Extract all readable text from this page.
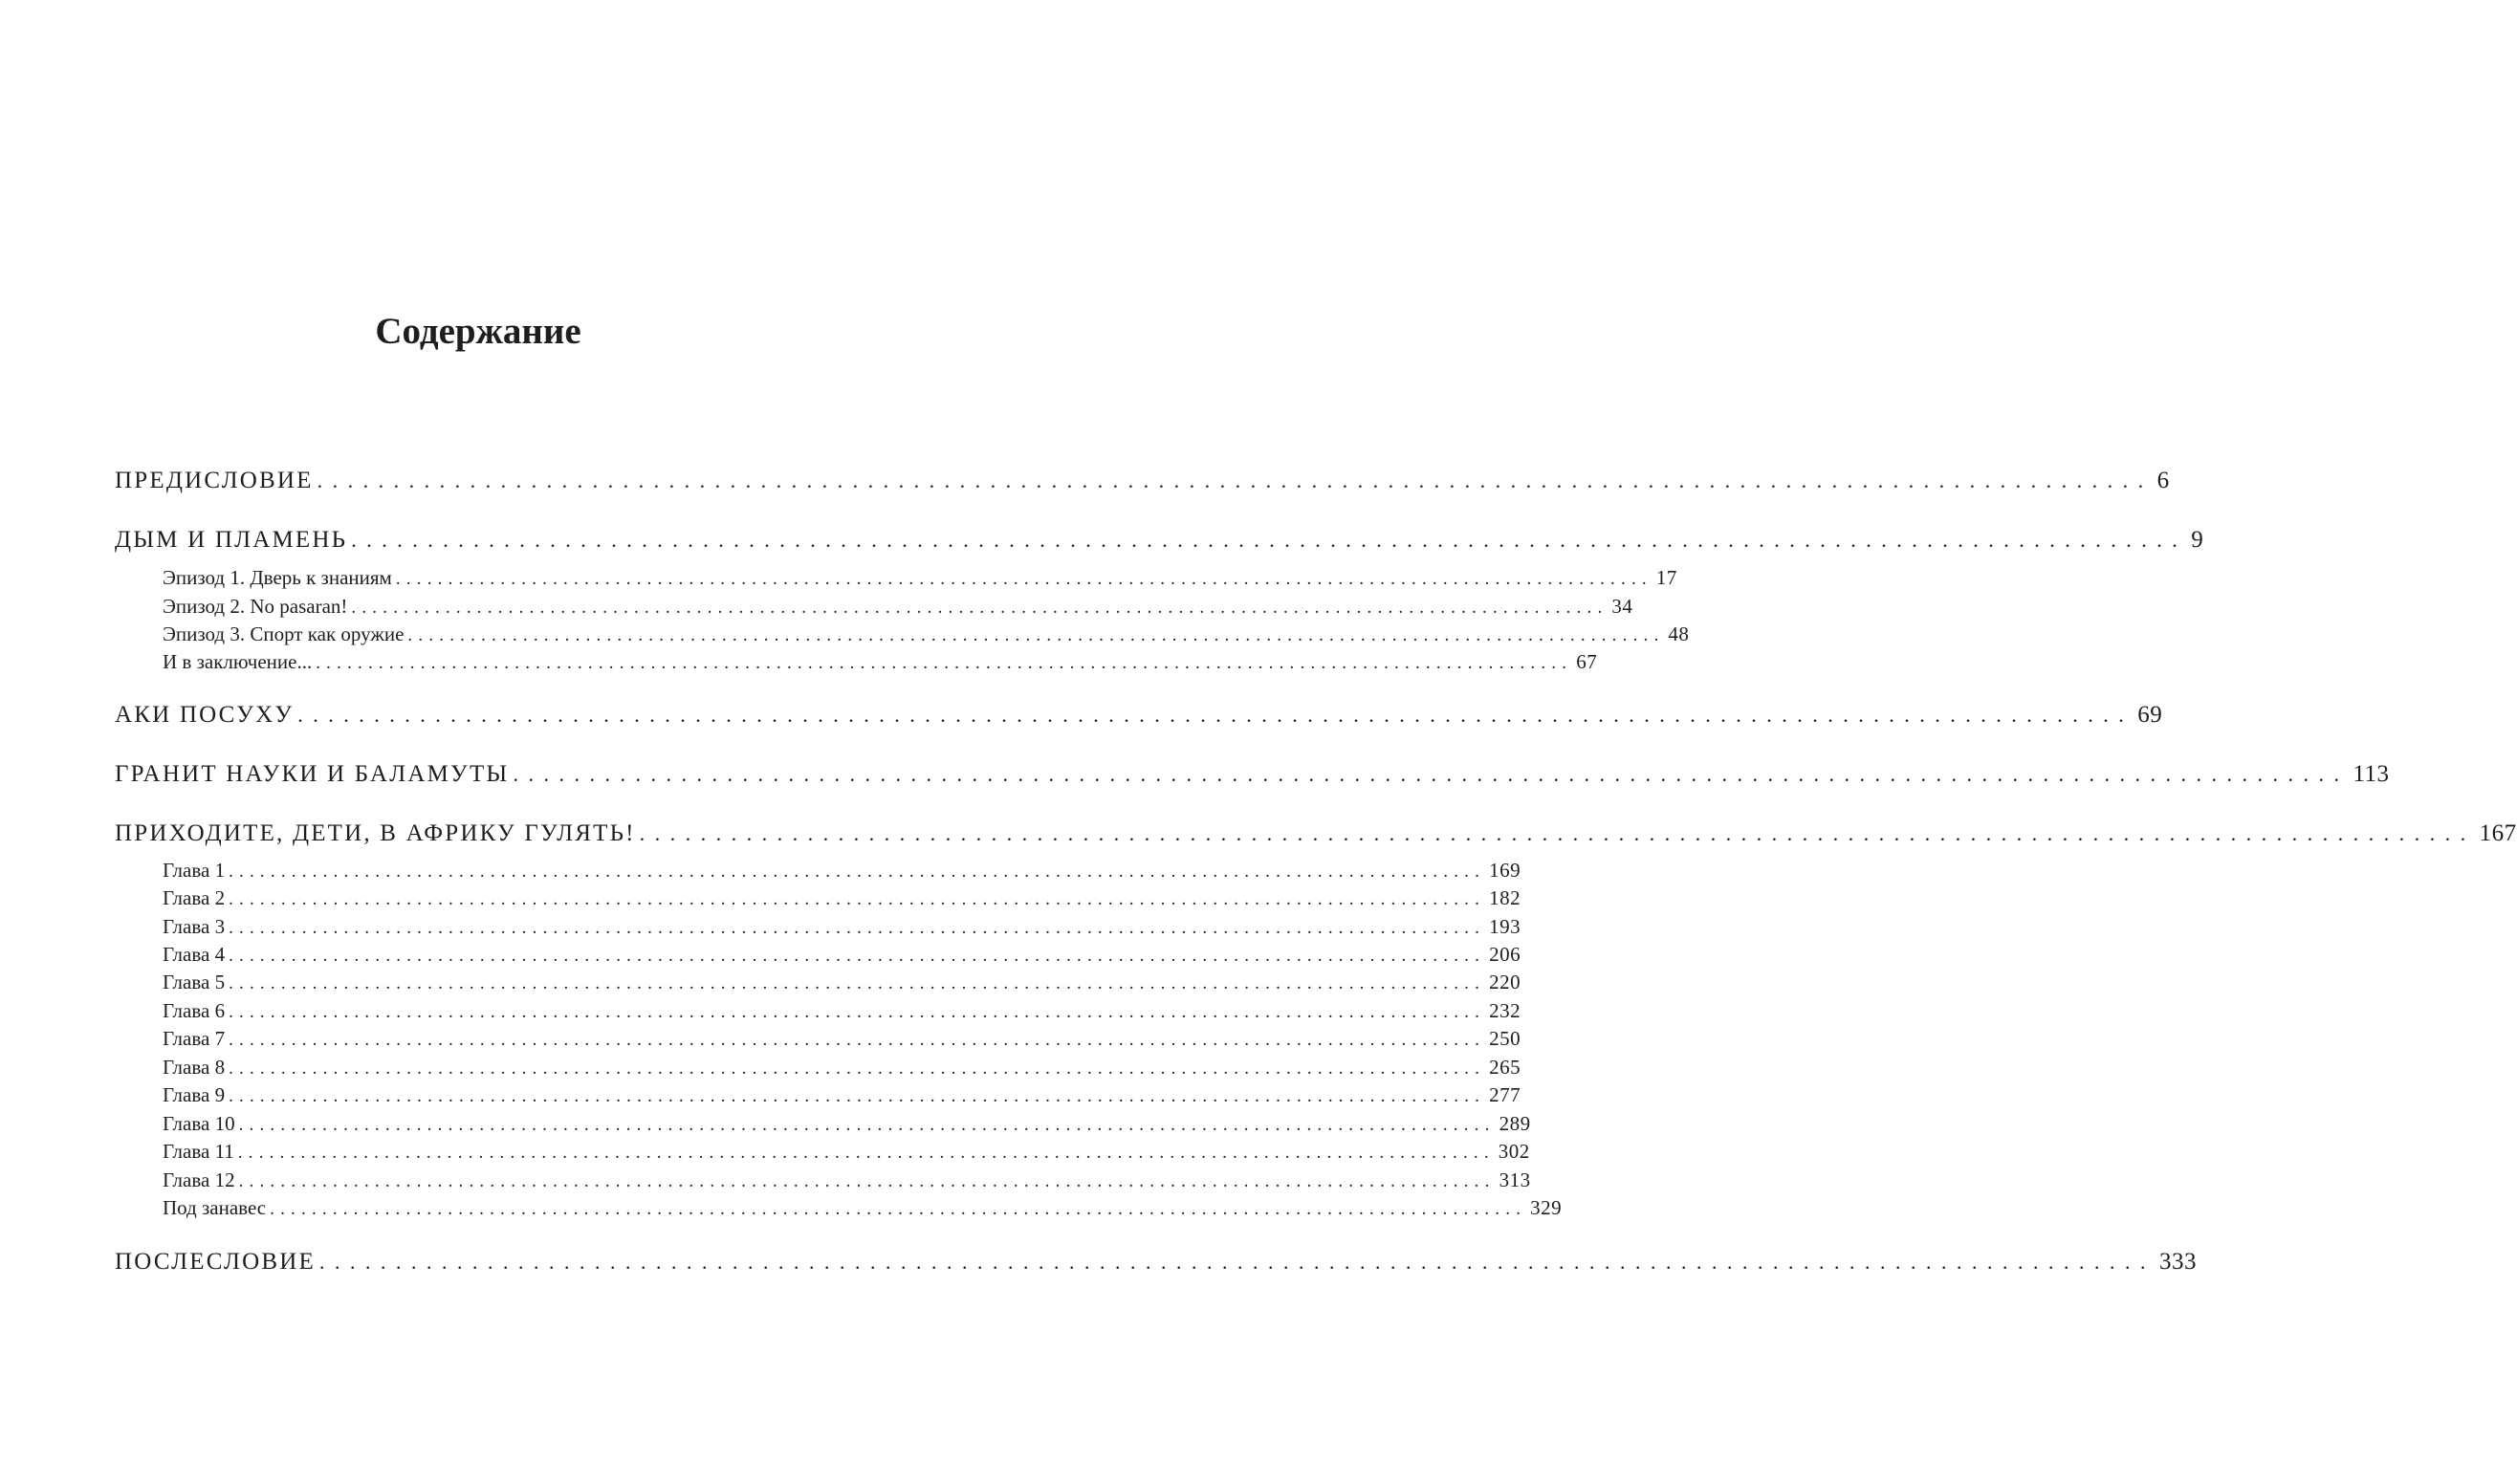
Содержание
ПРЕДИСЛОВИЕ ........................................................................................................................ 6
ДЫМ И ПЛАМЕНЬ ........................................................................................................................ 9
Эпизод 1. Дверь к знаниям ........................................................................................................................ 17
Эпизод 2. No pasaran! ........................................................................................................................ 34
Эпизод 3. Спорт как оружие ........................................................................................................................ 48
И в заключение... ........................................................................................................................ 67
АКИ ПОСУХУ ........................................................................................................................ 69
ГРАНИТ НАУКИ И БАЛАМУТЫ ........................................................................................................................ 113
ПРИХОДИТЕ, ДЕТИ, В АФРИКУ ГУЛЯТЬ! ........................................................................................................................ 167
Глава 1 ........................................................................................................................ 169
Глава 2 ........................................................................................................................ 182
Глава 3 ........................................................................................................................ 193
Глава 4 ........................................................................................................................ 206
Глава 5 ........................................................................................................................ 220
Глава 6 ........................................................................................................................ 232
Глава 7 ........................................................................................................................ 250
Глава 8 ........................................................................................................................ 265
Глава 9 ........................................................................................................................ 277
Глава 10 ........................................................................................................................ 289
Глава 11 ........................................................................................................................ 302
Глава 12 ........................................................................................................................ 313
Под занавес ........................................................................................................................ 329
ПОСЛЕСЛОВИЕ ........................................................................................................................ 333
